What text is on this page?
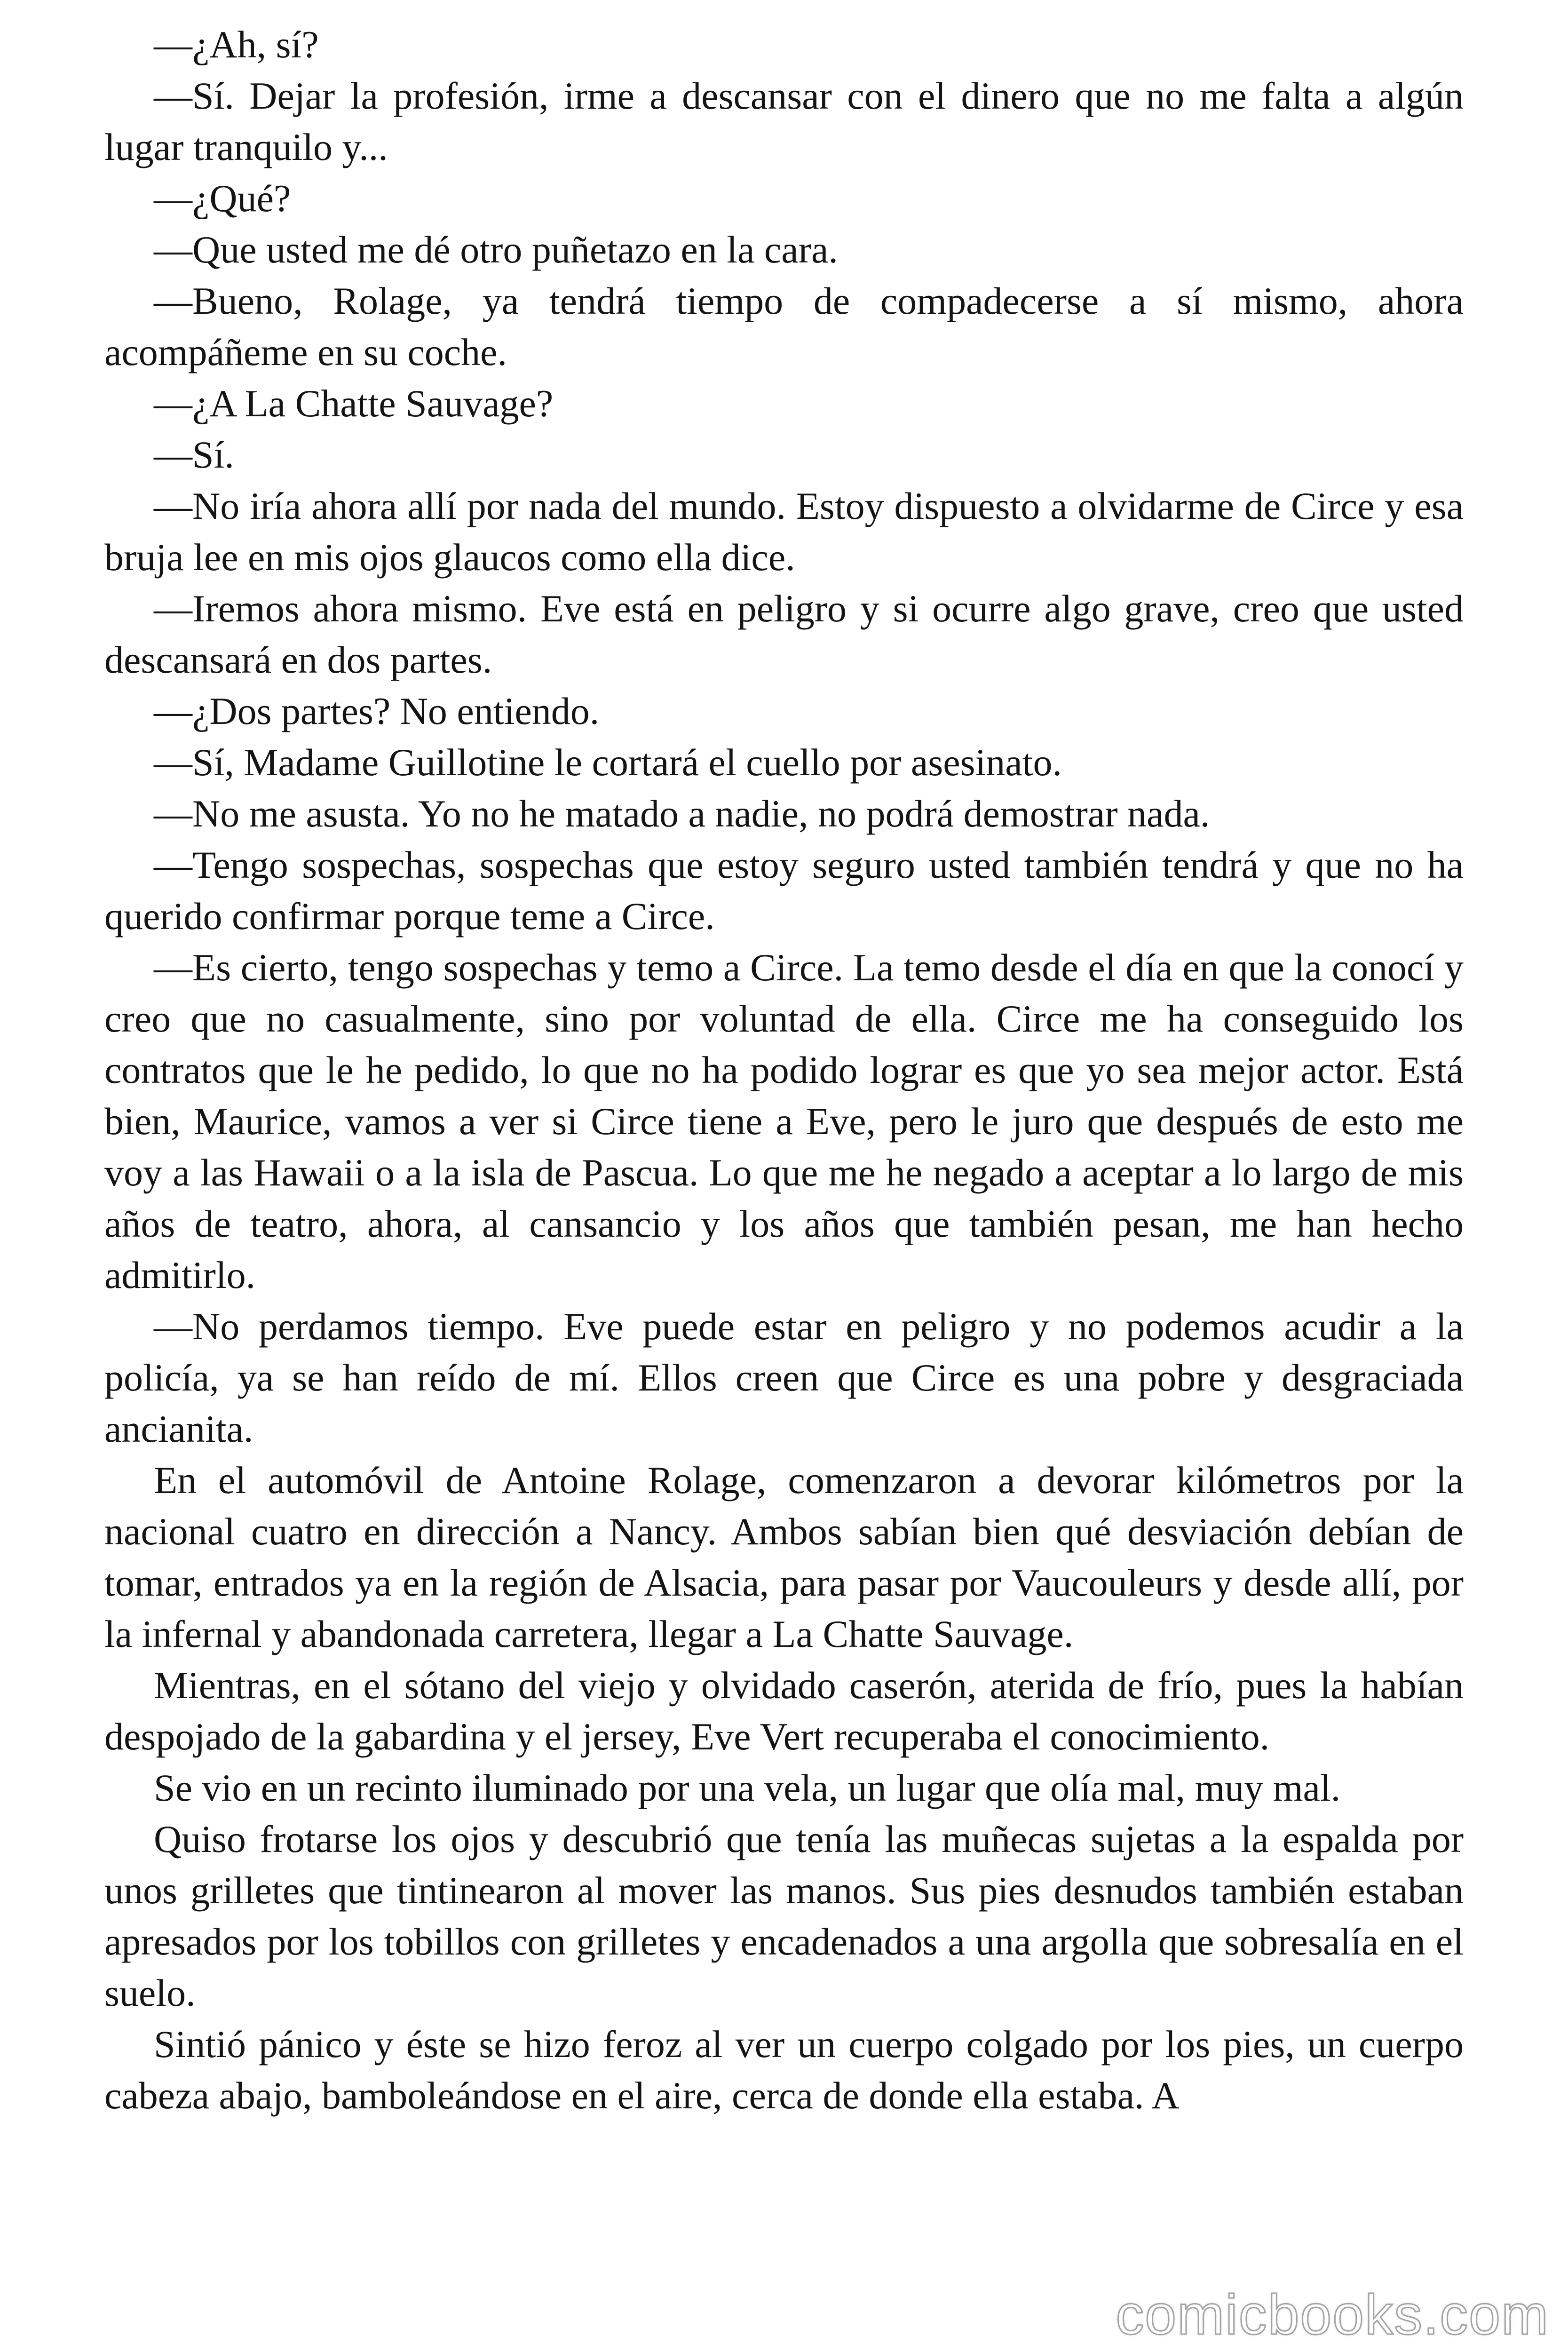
—¿Ah, sí?

—Sí. Dejar la profesión, irme a descansar con el dinero que no me falta a algún lugar tranquilo y...

—¿Qué?

—Que usted me dé otro puñetazo en la cara.

—Bueno, Rolage, ya tendrá tiempo de compadecerse a sí mismo, ahora acompáñeme en su coche.

—¿A La Chatte Sauvage?

—Sí.

—No iría ahora allí por nada del mundo. Estoy dispuesto a olvidarme de Circe y esa bruja lee en mis ojos glaucos como ella dice.

—Iremos ahora mismo. Eve está en peligro y si ocurre algo grave, creo que usted descansará en dos partes.

—¿Dos partes? No entiendo.

—Sí, Madame Guillotine le cortará el cuello por asesinato.

—No me asusta. Yo no he matado a nadie, no podrá demostrar nada.

—Tengo sospechas, sospechas que estoy seguro usted también tendrá y que no ha querido confirmar porque teme a Circe.

—Es cierto, tengo sospechas y temo a Circe. La temo desde el día en que la conocí y creo que no casualmente, sino por voluntad de ella. Circe me ha conseguido los contratos que le he pedido, lo que no ha podido lograr es que yo sea mejor actor. Está bien, Maurice, vamos a ver si Circe tiene a Eve, pero le juro que después de esto me voy a las Hawaii o a la isla de Pascua. Lo que me he negado a aceptar a lo largo de mis años de teatro, ahora, al cansancio y los años que también pesan, me han hecho admitirlo.

—No perdamos tiempo. Eve puede estar en peligro y no podemos acudir a la policía, ya se han reído de mí. Ellos creen que Circe es una pobre y desgraciada ancianita.

En el automóvil de Antoine Rolage, comenzaron a devorar kilómetros por la nacional cuatro en dirección a Nancy. Ambos sabían bien qué desviación debían de tomar, entrados ya en la región de Alsacia, para pasar por Vaucouleurs y desde allí, por la infernal y abandonada carretera, llegar a La Chatte Sauvage.

Mientras, en el sótano del viejo y olvidado caserón, aterida de frío, pues la habían despojado de la gabardina y el jersey, Eve Vert recuperaba el conocimiento.

Se vio en un recinto iluminado por una vela, un lugar que olía mal, muy mal.

Quiso frotarse los ojos y descubrió que tenía las muñecas sujetas a la espalda por unos grilletes que tintinearon al mover las manos. Sus pies desnudos también estaban apresados por los tobillos con grilletes y encadenados a una argolla que sobresalía en el suelo.

Sintió pánico y éste se hizo feroz al ver un cuerpo colgado por los pies, un cuerpo cabeza abajo, bamboleándose en el aire, cerca de donde ella estaba. A

comicbooks.com
